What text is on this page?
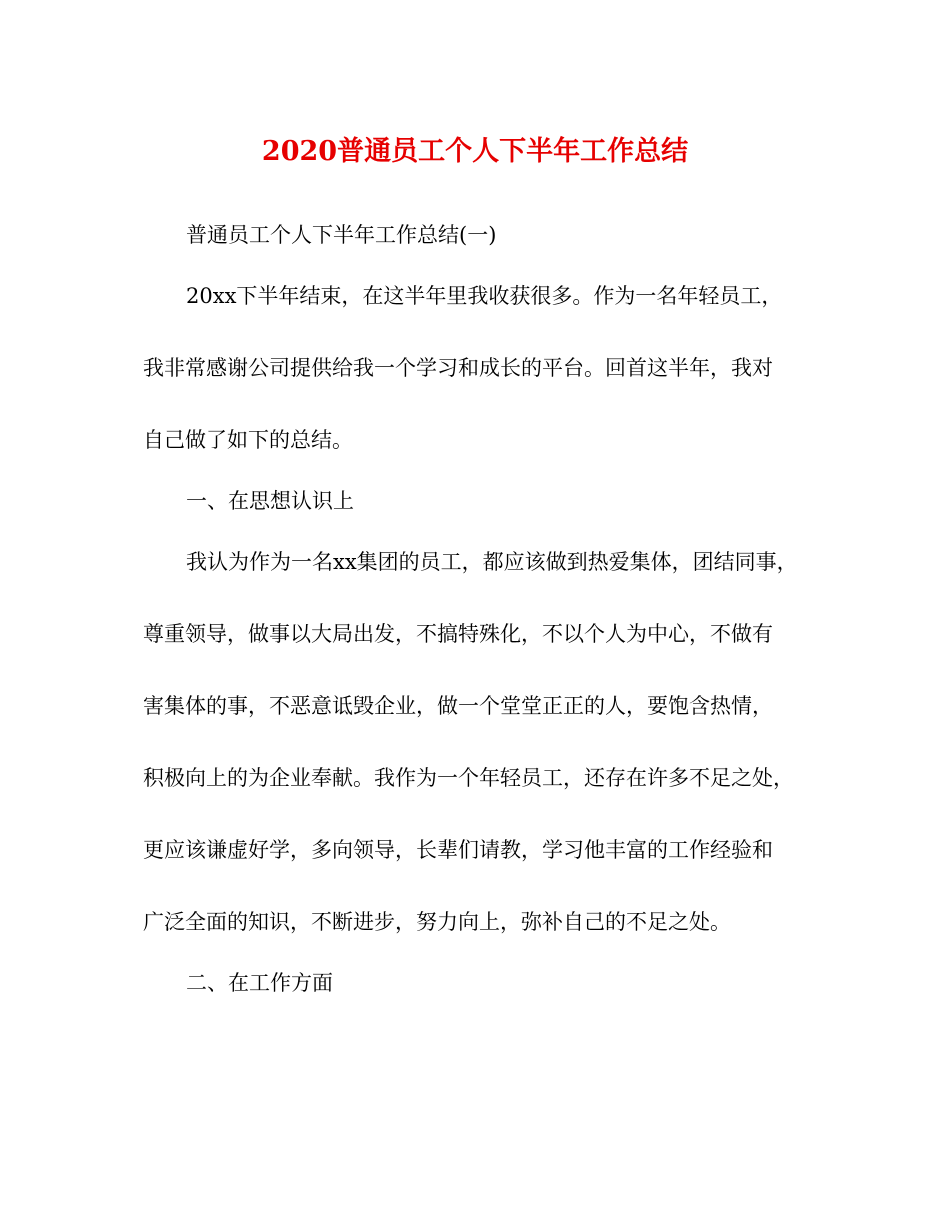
2020普通员工个人下半年工作总结
普通员工个人下半年工作总结(一)
20xx下半年结束，在这半年里我收获很多。作为一名年轻员工，
我非常感谢公司提供给我一个学习和成长的平台。回首这半年，我对
自己做了如下的总结。
一、在思想认识上
我认为作为一名xx集团的员工，都应该做到热爱集体，团结同事，
尊重领导，做事以大局出发，不搞特殊化，不以个人为中心，不做有
害集体的事，不恶意诋毁企业，做一个堂堂正正的人，要饱含热情，
积极向上的为企业奉献。我作为一个年轻员工，还存在许多不足之处，
更应该谦虚好学，多向领导，长辈们请教，学习他丰富的工作经验和
广泛全面的知识，不断进步，努力向上，弥补自己的不足之处。
二、在工作方面
